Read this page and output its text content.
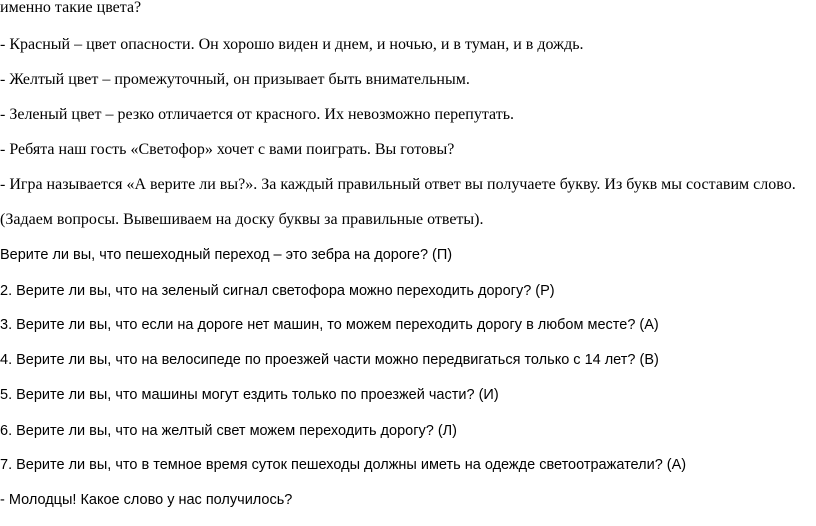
именно такие цвета?
- Красный – цвет опасности. Он хорошо виден и днем, и ночью, и в туман, и в дождь.
- Желтый цвет – промежуточный, он призывает быть внимательным.
- Зеленый цвет – резко отличается от красного. Их невозможно перепутать.
- Ребята наш гость «Светофор» хочет с вами поиграть. Вы готовы?
- Игра называется «А верите ли вы?». За каждый правильный ответ вы получаете букву. Из букв мы составим слово.
(Задаем вопросы. Вывешиваем на доску буквы за правильные ответы).
Верите ли вы, что пешеходный переход – это зебра на дороге? (П)
2. Верите ли вы, что на зеленый сигнал светофора можно переходить дорогу? (Р)
3. Верите ли вы, что если на дороге нет машин, то можем переходить дорогу в любом месте? (А)
4. Верите ли вы, что на велосипеде по проезжей части можно передвигаться только с 14 лет? (В)
5. Верите ли вы, что машины могут ездить только по проезжей части? (И)
6. Верите ли вы, что на желтый свет можем переходить дорогу? (Л)
7. Верите ли вы, что в темное время суток пешеходы должны иметь на одежде светоотражатели? (А)
- Молодцы! Какое слово у нас получилось?
